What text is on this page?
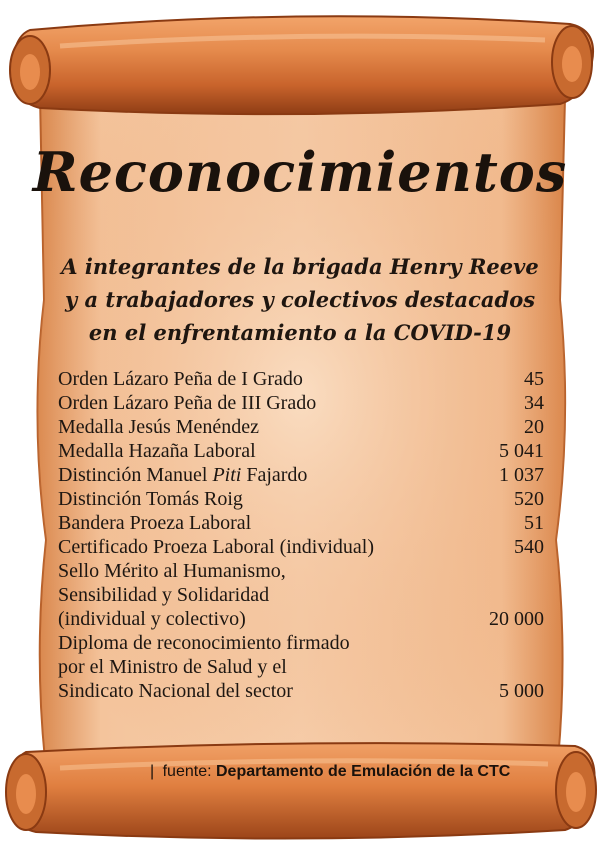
Reconocimientos
A integrantes de la brigada Henry Reeve
y a trabajadores y colectivos destacados
en el enfrentamiento a la COVID-19
Orden Lázaro Peña de I Grado	45
Orden Lázaro Peña de III Grado	34
Medalla Jesús Menéndez	20
Medalla Hazaña Laboral	5 041
Distinción Manuel Piti Fajardo	1 037
Distinción Tomás Roig	520
Bandera Proeza Laboral	51
Certificado Proeza Laboral (individual)	540
Sello Mérito al Humanismo,
Sensibilidad y Solidaridad
(individual y colectivo)	20 000
Diploma de reconocimiento firmado
por el Ministro de Salud y el
Sindicato Nacional del sector	5 000
| fuente: Departamento de Emulación de la CTC
